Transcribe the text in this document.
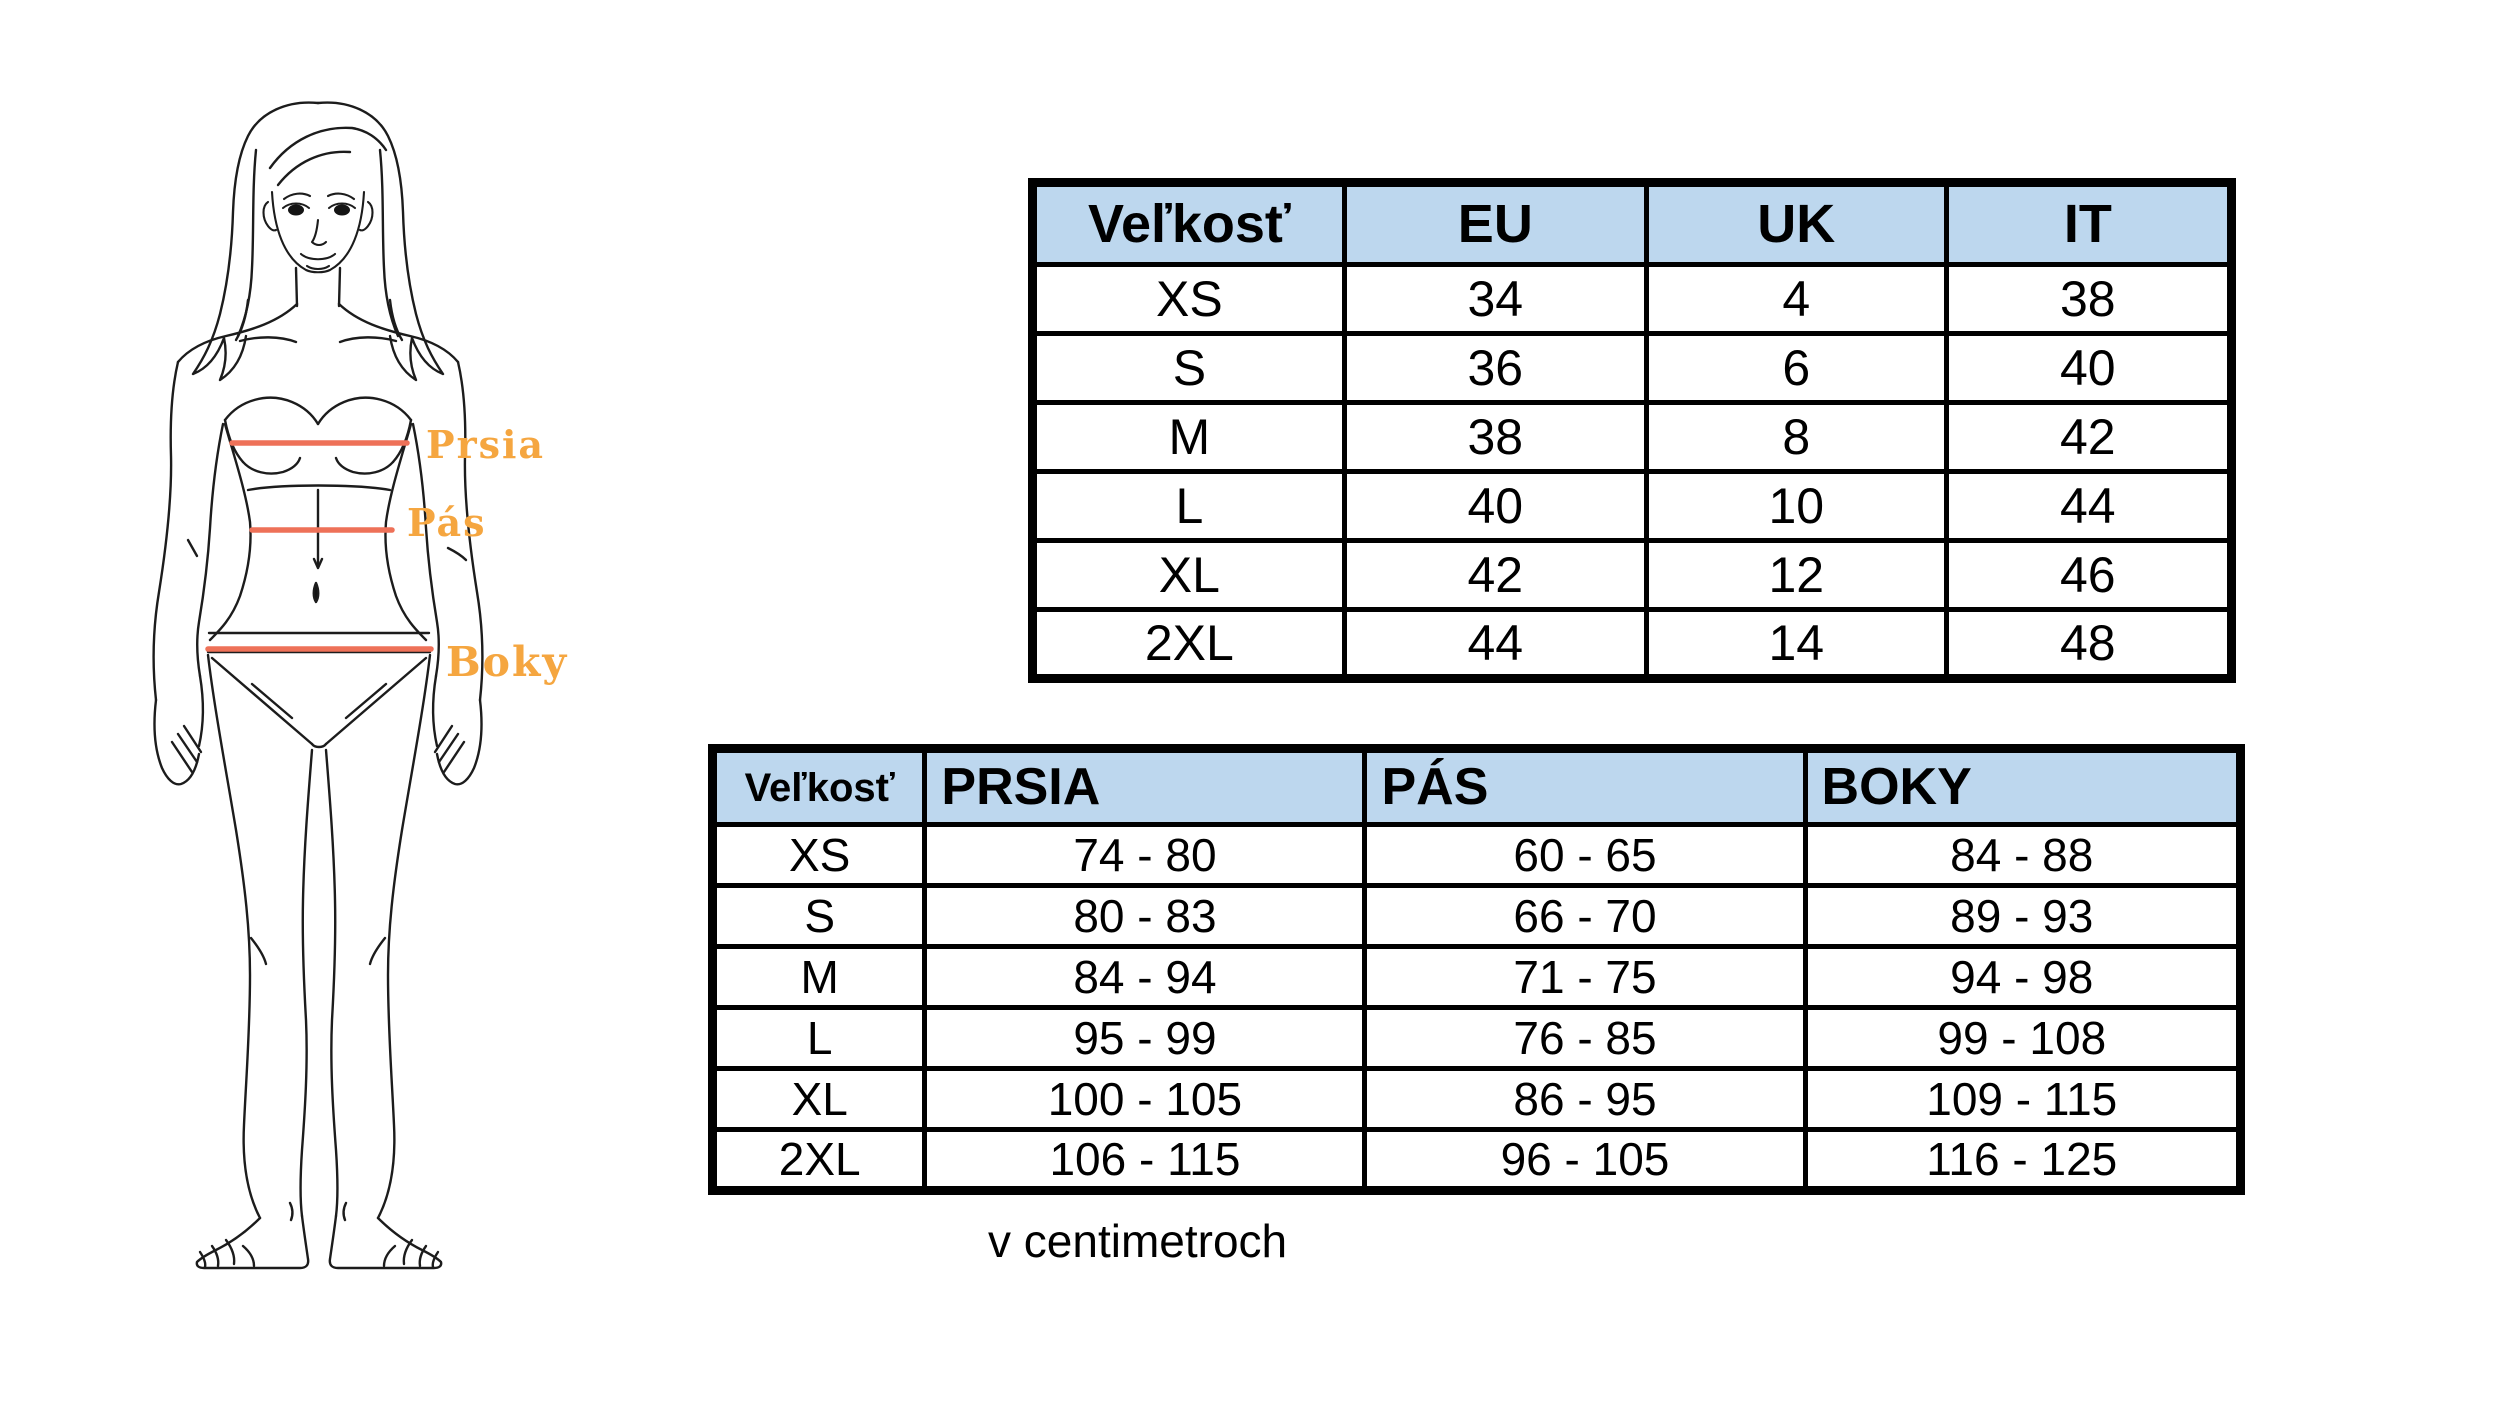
Prsia
Pás
Boky
Veľkosť	EU	UK	IT
XS	34	4	38
S	36	6	40
M	38	8	42
L	40	10	44
XL	42	12	46
2XL	44	14	48
Veľkosť	PRSIA	PÁS	BOKY
XS	74 - 80	60 - 65	84 - 88
S	80 - 83	66 - 70	89 - 93
M	84 - 94	71 - 75	94 - 98
L	95 - 99	76 - 85	99 - 108
XL	100 - 105	86 - 95	109 - 115
2XL	106 - 115	96 - 105	116 - 125
v centimetroch
